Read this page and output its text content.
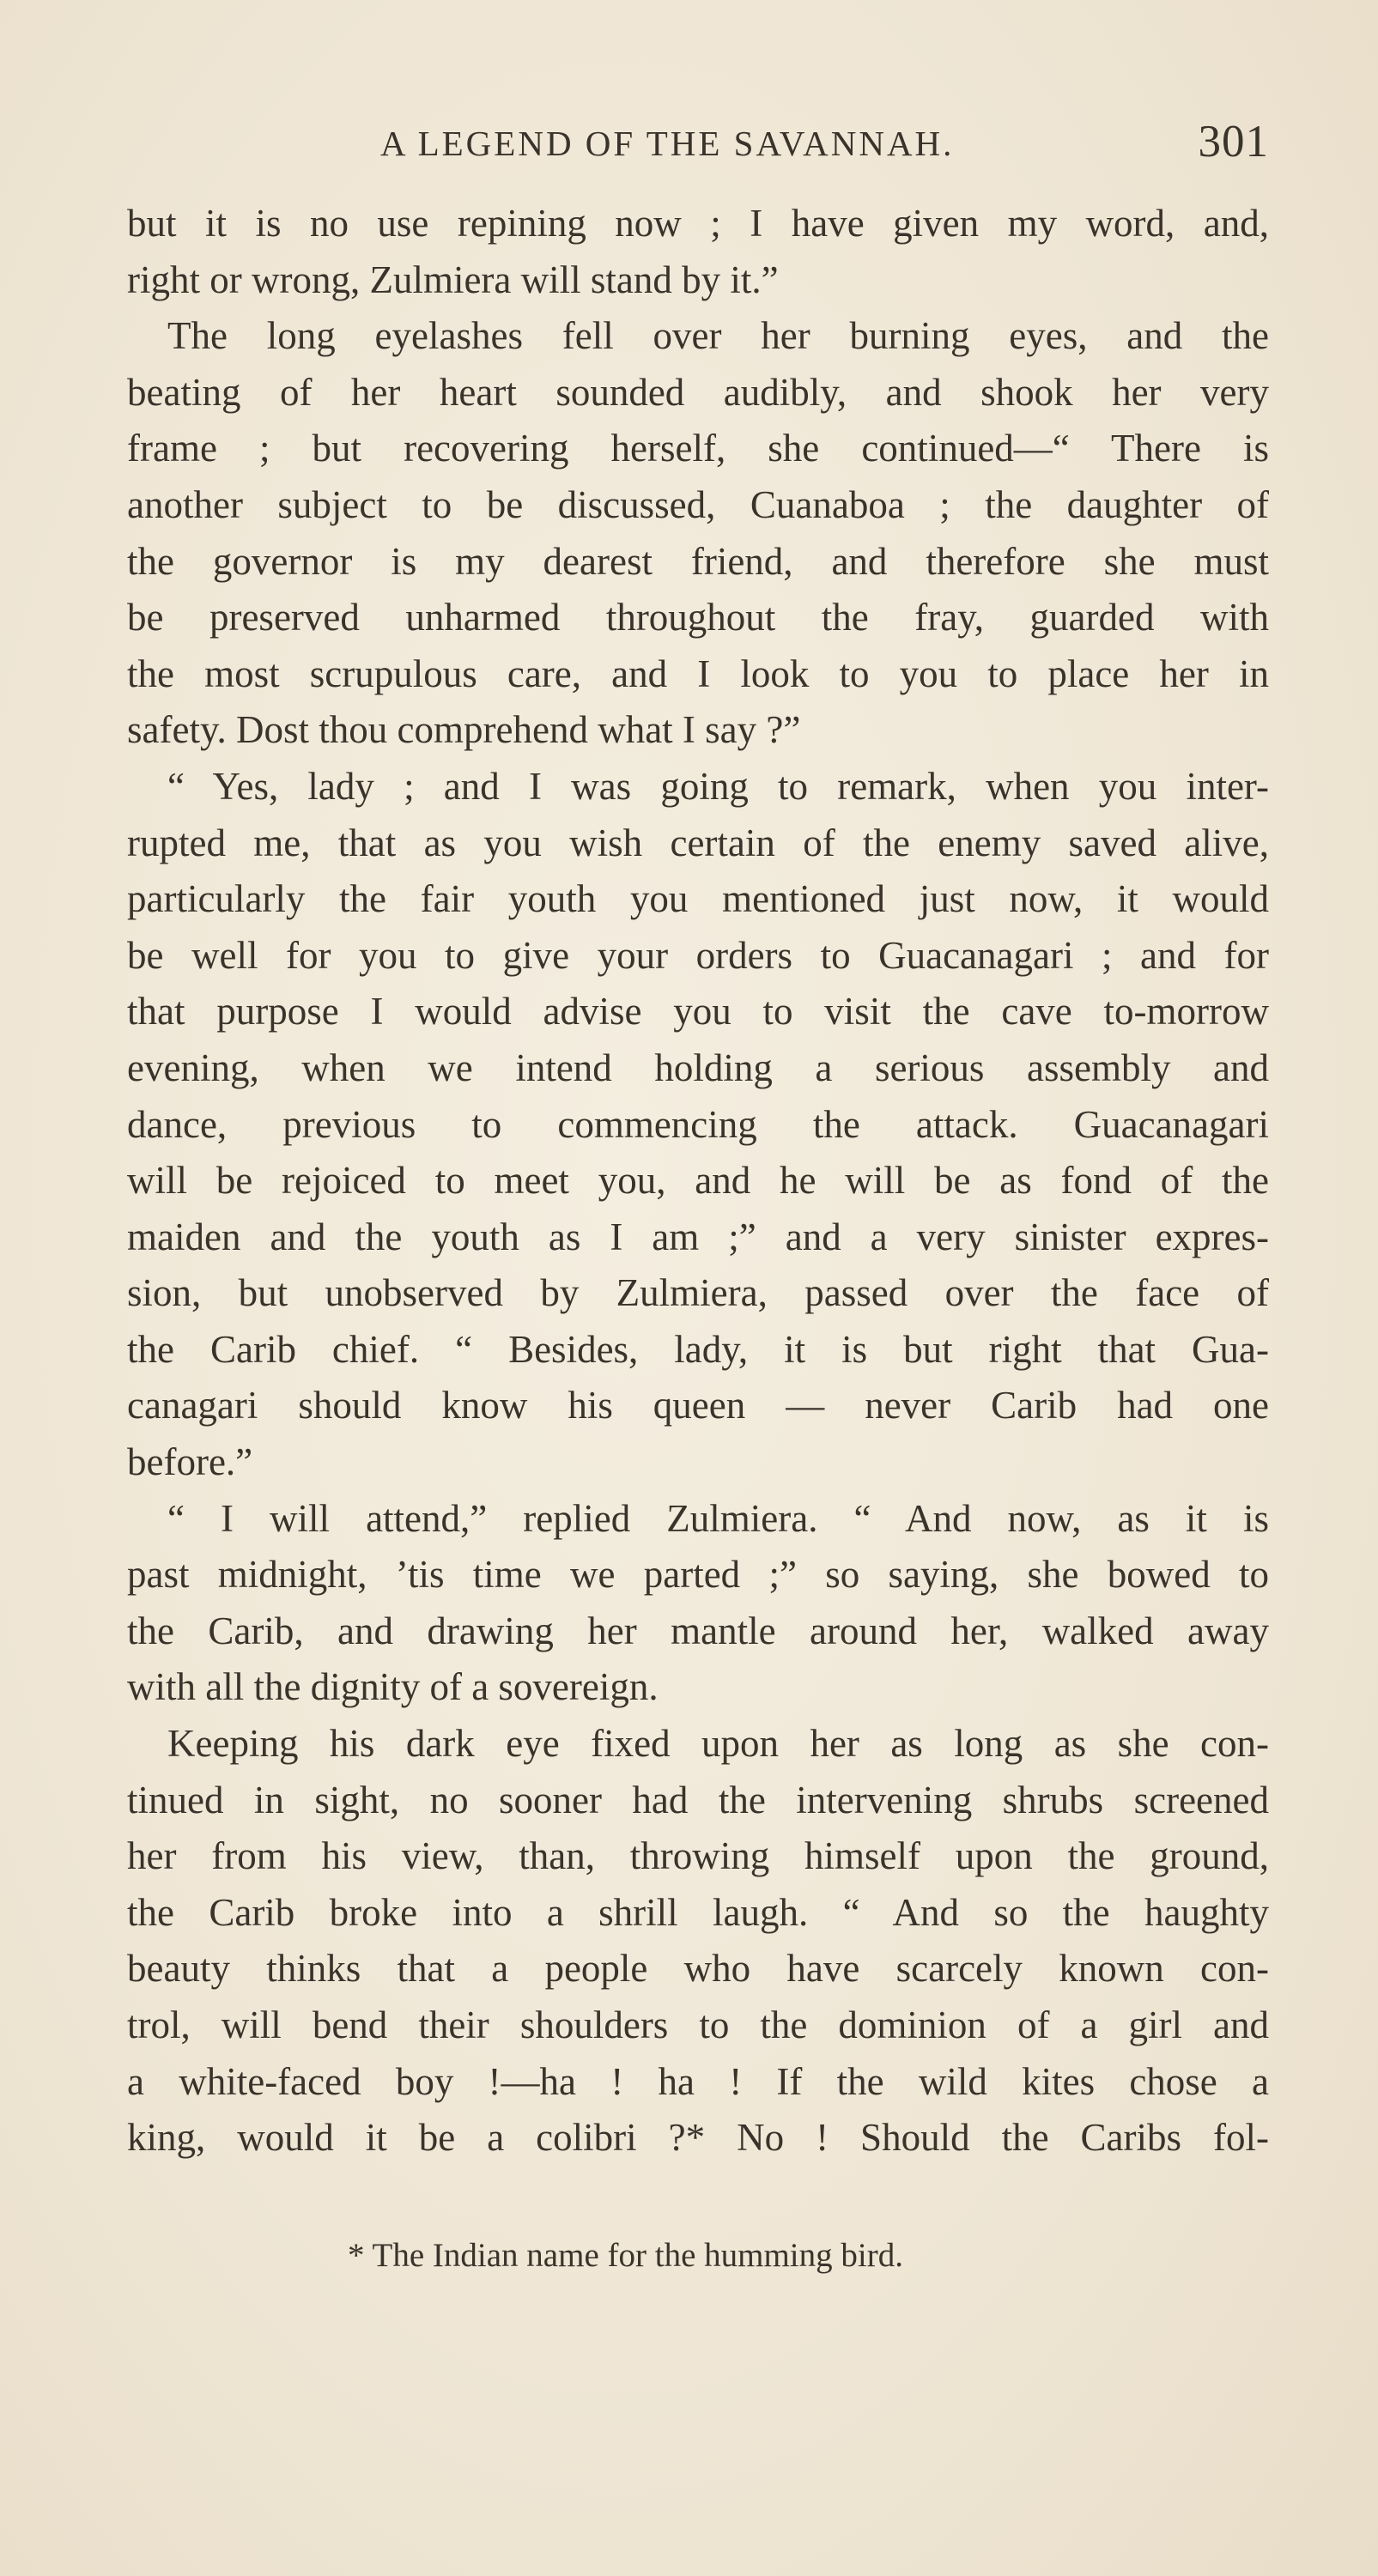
A LEGEND OF THE SAVANNAH.	301
but it is no use repining now ; I have given my word, and,
right or wrong, Zulmiera will stand by it.”
The long eyelashes fell over her burning eyes, and the
beating of her heart sounded audibly, and shook her very
frame ; but recovering herself, she continued—“ There is
another subject to be discussed, Cuanaboa ; the daughter of
the governor is my dearest friend, and therefore she must
be preserved unharmed throughout the fray, guarded with
the most scrupulous care, and I look to you to place her in
safety. Dost thou comprehend what I say ?”
“ Yes, lady ; and I was going to remark, when you inter-
rupted me, that as you wish certain of the enemy saved alive,
particularly the fair youth you mentioned just now, it would
be well for you to give your orders to Guacanagari ; and for
that purpose I would advise you to visit the cave to-morrow
evening, when we intend holding a serious assembly and
dance, previous to commencing the attack. Guacanagari
will be rejoiced to meet you, and he will be as fond of the
maiden and the youth as I am ;” and a very sinister expres-
sion, but unobserved by Zulmiera, passed over the face of
the Carib chief. “ Besides, lady, it is but right that Gua-
canagari should know his queen — never Carib had one
before.”
“ I will attend,” replied Zulmiera. “ And now, as it is
past midnight, ’tis time we parted ;” so saying, she bowed to
the Carib, and drawing her mantle around her, walked away
with all the dignity of a sovereign.
Keeping his dark eye fixed upon her as long as she con-
tinued in sight, no sooner had the intervening shrubs screened
her from his view, than, throwing himself upon the ground,
the Carib broke into a shrill laugh. “ And so the haughty
beauty thinks that a people who have scarcely known con-
trol, will bend their shoulders to the dominion of a girl and
a white-faced boy !—ha ! ha ! If the wild kites chose a
king, would it be a colibri ?* No ! Should the Caribs fol-
* The Indian name for the humming bird.
